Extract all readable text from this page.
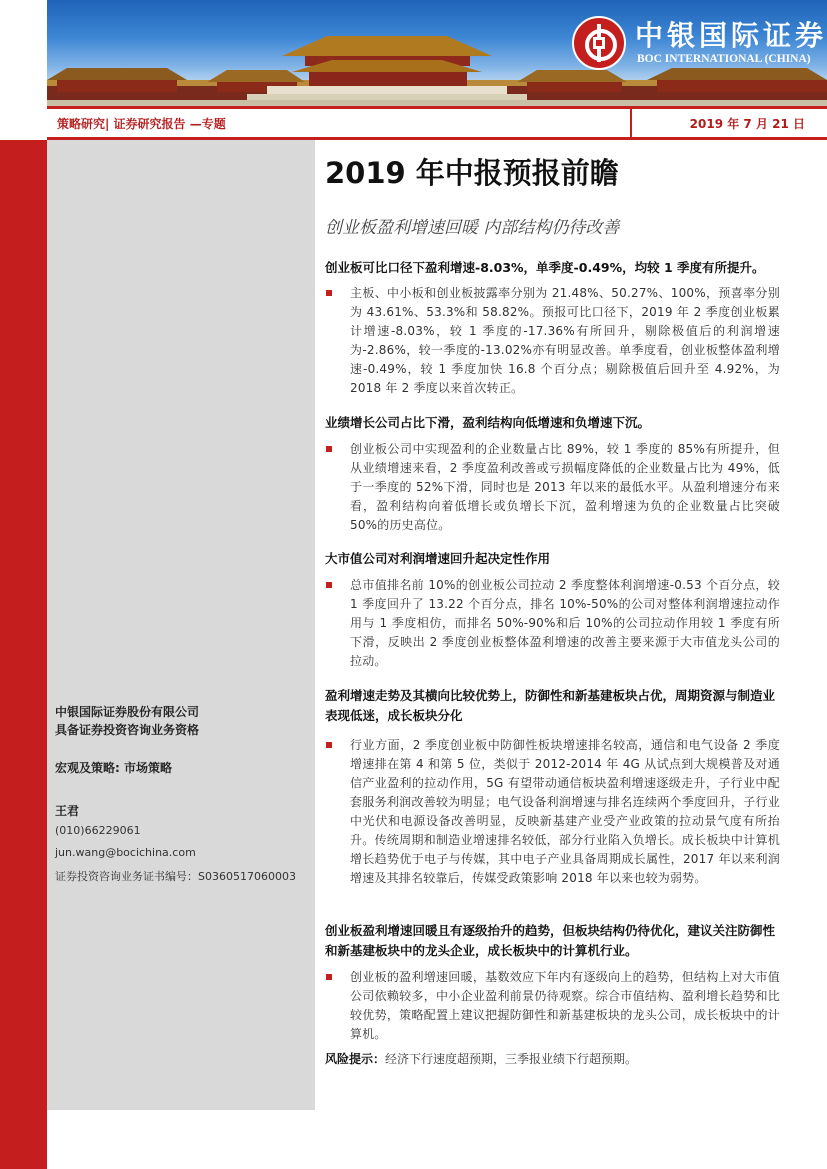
中银国际证券
BOC INTERNATIONAL (CHINA)
策略研究| 证券研究报告 —专题	2019 年 7 月 21 日
中银国际证券股份有限公司
具备证券投资咨询业务资格
宏观及策略: 市场策略
王君
(010)66229061
jun.wang@bocichina.com
证券投资咨询业务证书编号：S0360517060003
2019 年中报预报前瞻
创业板盈利增速回暖 内部结构仍待改善
创业板可比口径下盈利增速-8.03%，单季度-0.49%，均较 1 季度有所提升。
主板、中小板和创业板披露率分别为 21.48%、50.27%、100%，预喜率分别为 43.61%、53.3%和 58.82%。预报可比口径下，2019 年 2 季度创业板累计增速-8.03%，较 1 季度的-17.36%有所回升，剔除极值后的利润增速为-2.86%，较一季度的-13.02%亦有明显改善。单季度看，创业板整体盈利增速-0.49%，较 1 季度加快 16.8 个百分点；剔除极值后回升至 4.92%，为 2018 年 2 季度以来首次转正。
业绩增长公司占比下滑，盈利结构向低增速和负增速下沉。
创业板公司中实现盈利的企业数量占比 89%，较 1 季度的 85%有所提升，但从业绩增速来看，2 季度盈利改善或亏损幅度降低的企业数量占比为 49%，低于一季度的 52%下滑，同时也是 2013 年以来的最低水平。从盈利增速分布来看，盈利结构向着低增长或负增长下沉，盈利增速为负的企业数量占比突破 50%的历史高位。
大市值公司对利润增速回升起决定性作用
总市值排名前 10%的创业板公司拉动 2 季度整体利润增速-0.53 个百分点，较 1 季度回升了 13.22 个百分点，排名 10%-50%的公司对整体利润增速拉动作用与 1 季度相仿，而排名 50%-90%和后 10%的公司拉动作用较 1 季度有所下滑，反映出 2 季度创业板整体盈利增速的改善主要来源于大市值龙头公司的拉动。
盈利增速走势及其横向比较优势上，防御性和新基建板块占优，周期资源与制造业表现低迷，成长板块分化
行业方面，2 季度创业板中防御性板块增速排名较高，通信和电气设备 2 季度增速排在第 4 和第 5 位，类似于 2012-2014 年 4G 从试点到大规模普及对通信产业盈利的拉动作用，5G 有望带动通信板块盈利增速逐级走升，子行业中配套服务利润改善较为明显；电气设备利润增速与排名连续两个季度回升，子行业中光伏和电源设备改善明显，反映新基建产业受产业政策的拉动景气度有所抬升。传统周期和制造业增速排名较低，部分行业陷入负增长。成长板块中计算机增长趋势优于电子与传媒，其中电子产业具备周期成长属性，2017 年以来利润增速及其排名较靠后，传媒受政策影响 2018 年以来也较为弱势。
创业板盈利增速回暖且有逐级抬升的趋势，但板块结构仍待优化，建议关注防御性和新基建板块中的龙头企业，成长板块中的计算机行业。
创业板的盈利增速回暖，基数效应下年内有逐级向上的趋势，但结构上对大市值公司依赖较多，中小企业盈利前景仍待观察。综合市值结构、盈利增长趋势和比较优势，策略配置上建议把握防御性和新基建板块的龙头公司，成长板块中的计算机。
风险提示：经济下行速度超预期，三季报业绩下行超预期。
